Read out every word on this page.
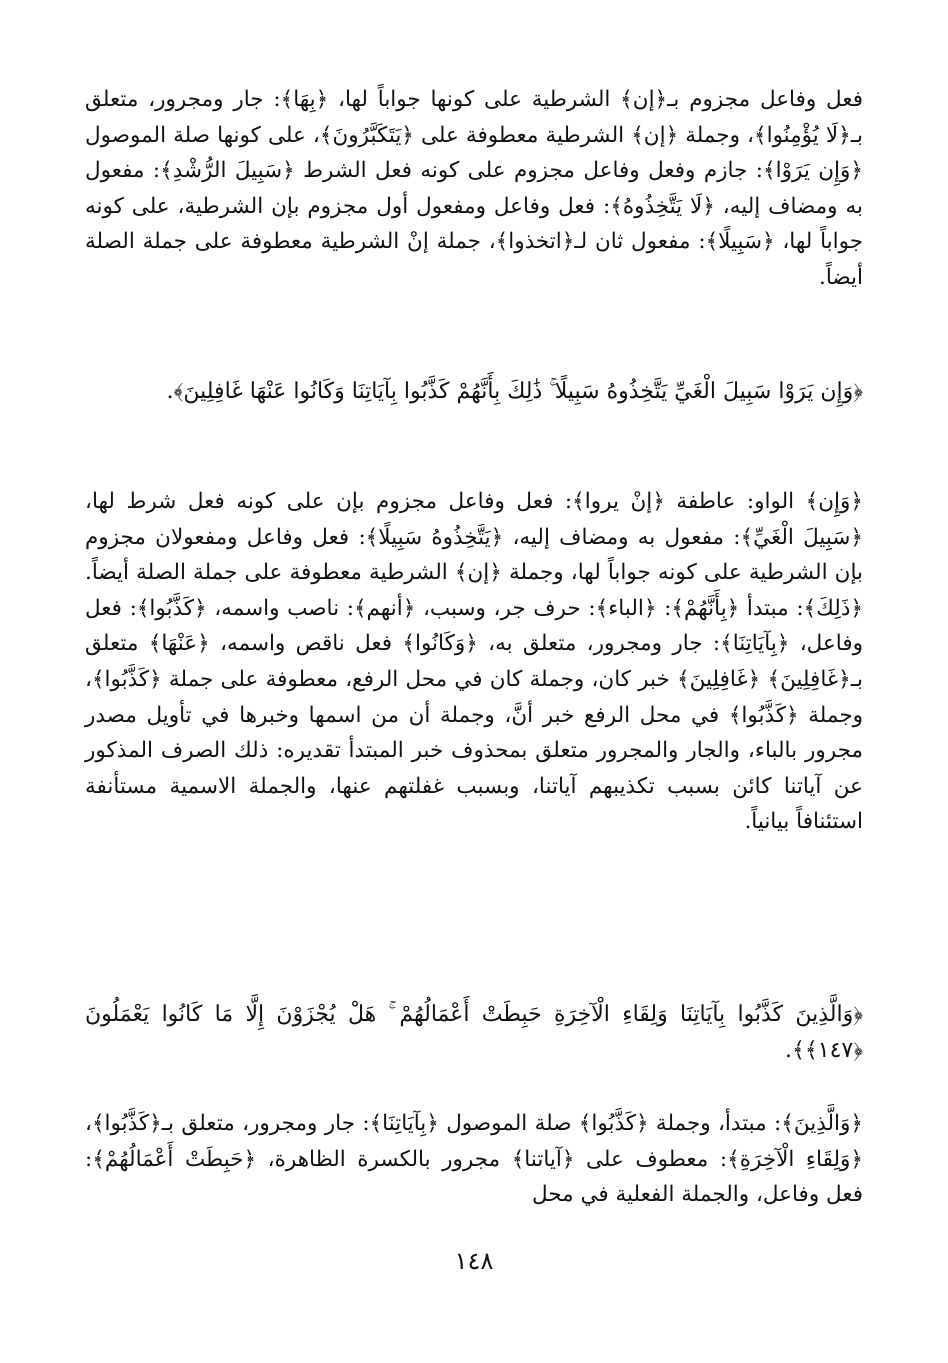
فعل وفاعل مجزوم بـ﴿إن﴾ الشرطية على كونها جواباً لها، ﴿بِهَا﴾: جار ومجرور، متعلق بـ﴿لَا يُؤْمِنُوا﴾، وجملة ﴿إن﴾ الشرطية معطوفة على ﴿يَتَكَبَّرُونَ﴾، على كونها صلة الموصول ﴿وَإِن يَرَوْا﴾: جازم وفعل وفاعل مجزوم على كونه فعل الشرط ﴿سَبِيلَ الرُّشْدِ﴾: مفعول به ومضاف إليه، ﴿لَا يَتَّخِذُوهُ﴾: فعل وفاعل ومفعول أول مجزوم بإن الشرطية، على كونه جواباً لها، ﴿سَبِيلًا﴾: مفعول ثان لـ﴿اتخذوا﴾، جملة إنْ الشرطية معطوفة على جملة الصلة أيضاً.

﴿وَإِن يَرَوْا سَبِيلَ الْغَيِّ يَتَّخِذُوهُ سَبِيلًا ۚ ذَٰلِكَ بِأَنَّهُمْ كَذَّبُوا بِآيَاتِنَا وَكَانُوا عَنْهَا غَافِلِينَ﴾.

﴿وَإِن﴾ الواو: عاطفة ﴿إنْ يروا﴾: فعل وفاعل مجزوم بإن على كونه فعل شرط لها، ﴿سَبِيلَ الْغَيِّ﴾: مفعول به ومضاف إليه، ﴿يَتَّخِذُوهُ سَبِيلًا﴾: فعل وفاعل ومفعولان مجزوم بإن الشرطية على كونه جواباً لها، وجملة ﴿إن﴾ الشرطية معطوفة على جملة الصلة أيضاً. ﴿ذَلِكَ﴾: مبتدأ ﴿بِأَنَّهُمْ﴾: ﴿الباء﴾: حرف جر، وسبب، ﴿أنهم﴾: ناصب واسمه، ﴿كَذَّبُوا﴾: فعل وفاعل، ﴿بِآيَاتِنَا﴾: جار ومجرور، متعلق به، ﴿وَكَانُوا﴾ فعل ناقص واسمه، ﴿عَنْهَا﴾ متعلق بـ﴿غَافِلِينَ﴾ ﴿غَافِلِينَ﴾ خبر كان، وجملة كان في محل الرفع، معطوفة على جملة ﴿كَذَّبُوا﴾، وجملة ﴿كَذَّبُوا﴾ في محل الرفع خبر أنَّ، وجملة أن من اسمها وخبرها في تأويل مصدر مجرور بالباء، والجار والمجرور متعلق بمحذوف خبر المبتدأ تقديره: ذلك الصرف المذكور عن آياتنا كائن بسبب تكذيبهم آياتنا، وبسبب غفلتهم عنها، والجملة الاسمية مستأنفة استئنافاً بيانياً.

﴿وَالَّذِينَ كَذَّبُوا بِآيَاتِنَا وَلِقَاءِ الْآخِرَةِ حَبِطَتْ أَعْمَالُهُمْ ۚ هَلْ يُجْزَوْنَ إِلَّا مَا كَانُوا يَعْمَلُونَ ﴿١٤٧﴾﴾.

﴿وَالَّذِينَ﴾: مبتدأ، وجملة ﴿كَذَّبُوا﴾ صلة الموصول ﴿بِآيَاتِنَا﴾: جار ومجرور، متعلق بـ﴿كَذَّبُوا﴾، ﴿وَلِقَاءِ الْآخِرَةِ﴾: معطوف على ﴿آياتنا﴾ مجرور بالكسرة الظاهرة، ﴿حَبِطَتْ أَعْمَالُهُمْ﴾: فعل وفاعل، والجملة الفعلية في محل

١٤٨
